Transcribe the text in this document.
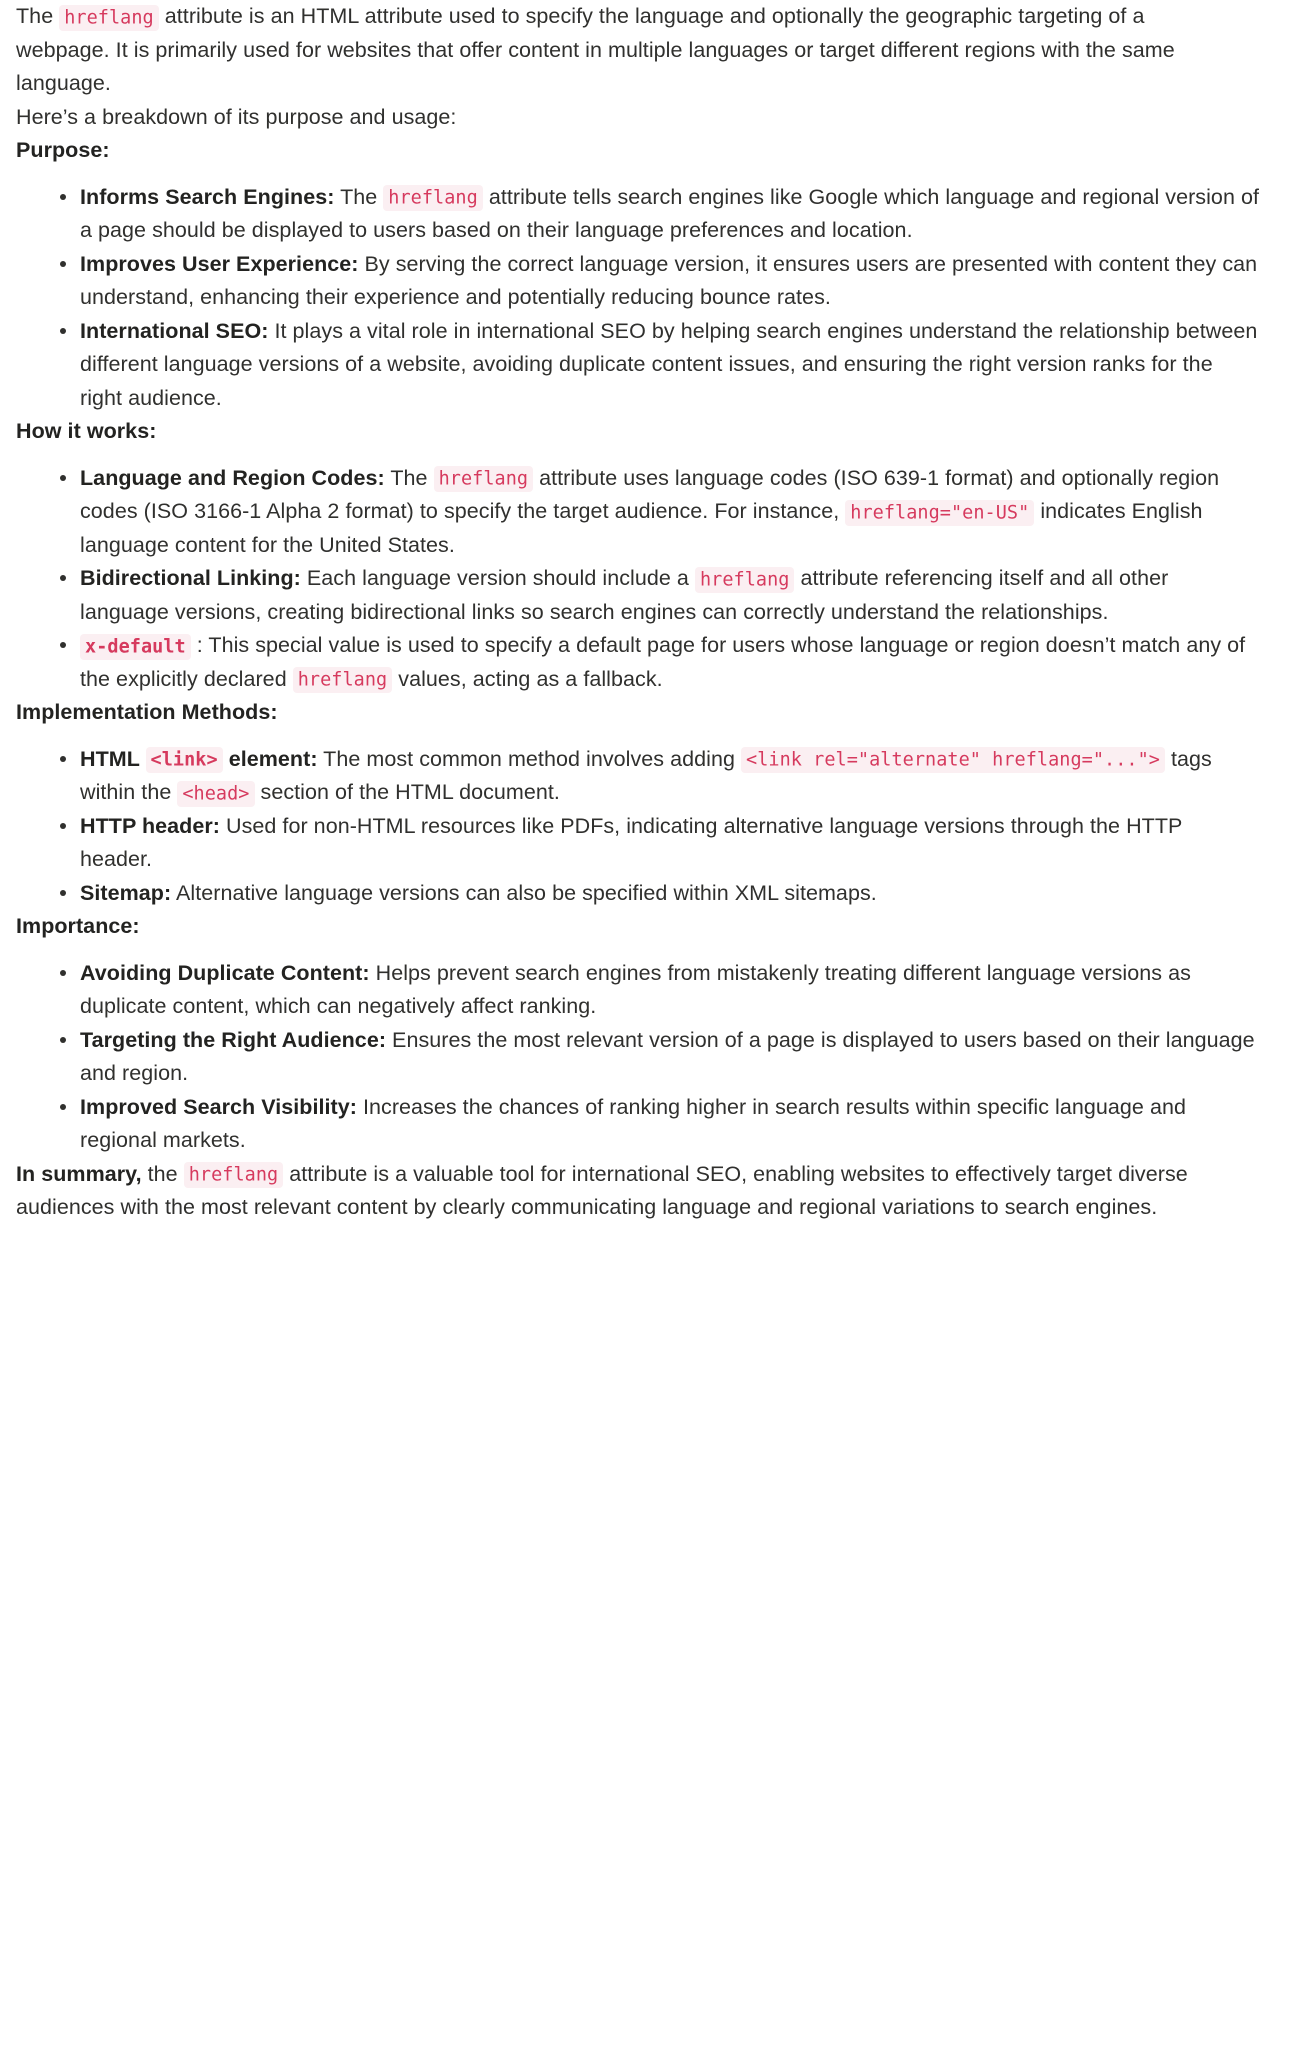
The hreflang attribute is an HTML attribute used to specify the language and optionally the geographic targeting of a webpage. It is primarily used for websites that offer content in multiple languages or target different regions with the same language.

Here’s a breakdown of its purpose and usage:

Purpose:
Informs Search Engines: The hreflang attribute tells search engines like Google which language and regional version of a page should be displayed to users based on their language preferences and location.
Improves User Experience: By serving the correct language version, it ensures users are presented with content they can understand, enhancing their experience and potentially reducing bounce rates.
International SEO: It plays a vital role in international SEO by helping search engines understand the relationship between different language versions of a website, avoiding duplicate content issues, and ensuring the right version ranks for the right audience.
How it works:
Language and Region Codes: The hreflang attribute uses language codes (ISO 639-1 format) and optionally region codes (ISO 3166-1 Alpha 2 format) to specify the target audience. For instance, hreflang="en-US" indicates English language content for the United States.
Bidirectional Linking: Each language version should include a hreflang attribute referencing itself and all other language versions, creating bidirectional links so search engines can correctly understand the relationships.
x-default : This special value is used to specify a default page for users whose language or region doesn’t match any of the explicitly declared hreflang values, acting as a fallback.
Implementation Methods:
HTML <link> element: The most common method involves adding <link rel="alternate" hreflang="..."> tags within the <head> section of the HTML document.
HTTP header: Used for non-HTML resources like PDFs, indicating alternative language versions through the HTTP header.
Sitemap: Alternative language versions can also be specified within XML sitemaps.
Importance:
Avoiding Duplicate Content: Helps prevent search engines from mistakenly treating different language versions as duplicate content, which can negatively affect ranking.
Targeting the Right Audience: Ensures the most relevant version of a page is displayed to users based on their language and region.
Improved Search Visibility: Increases the chances of ranking higher in search results within specific language and regional markets.

In summary, the hreflang attribute is a valuable tool for international SEO, enabling websites to effectively target diverse audiences with the most relevant content by clearly communicating language and regional variations to search engines.
